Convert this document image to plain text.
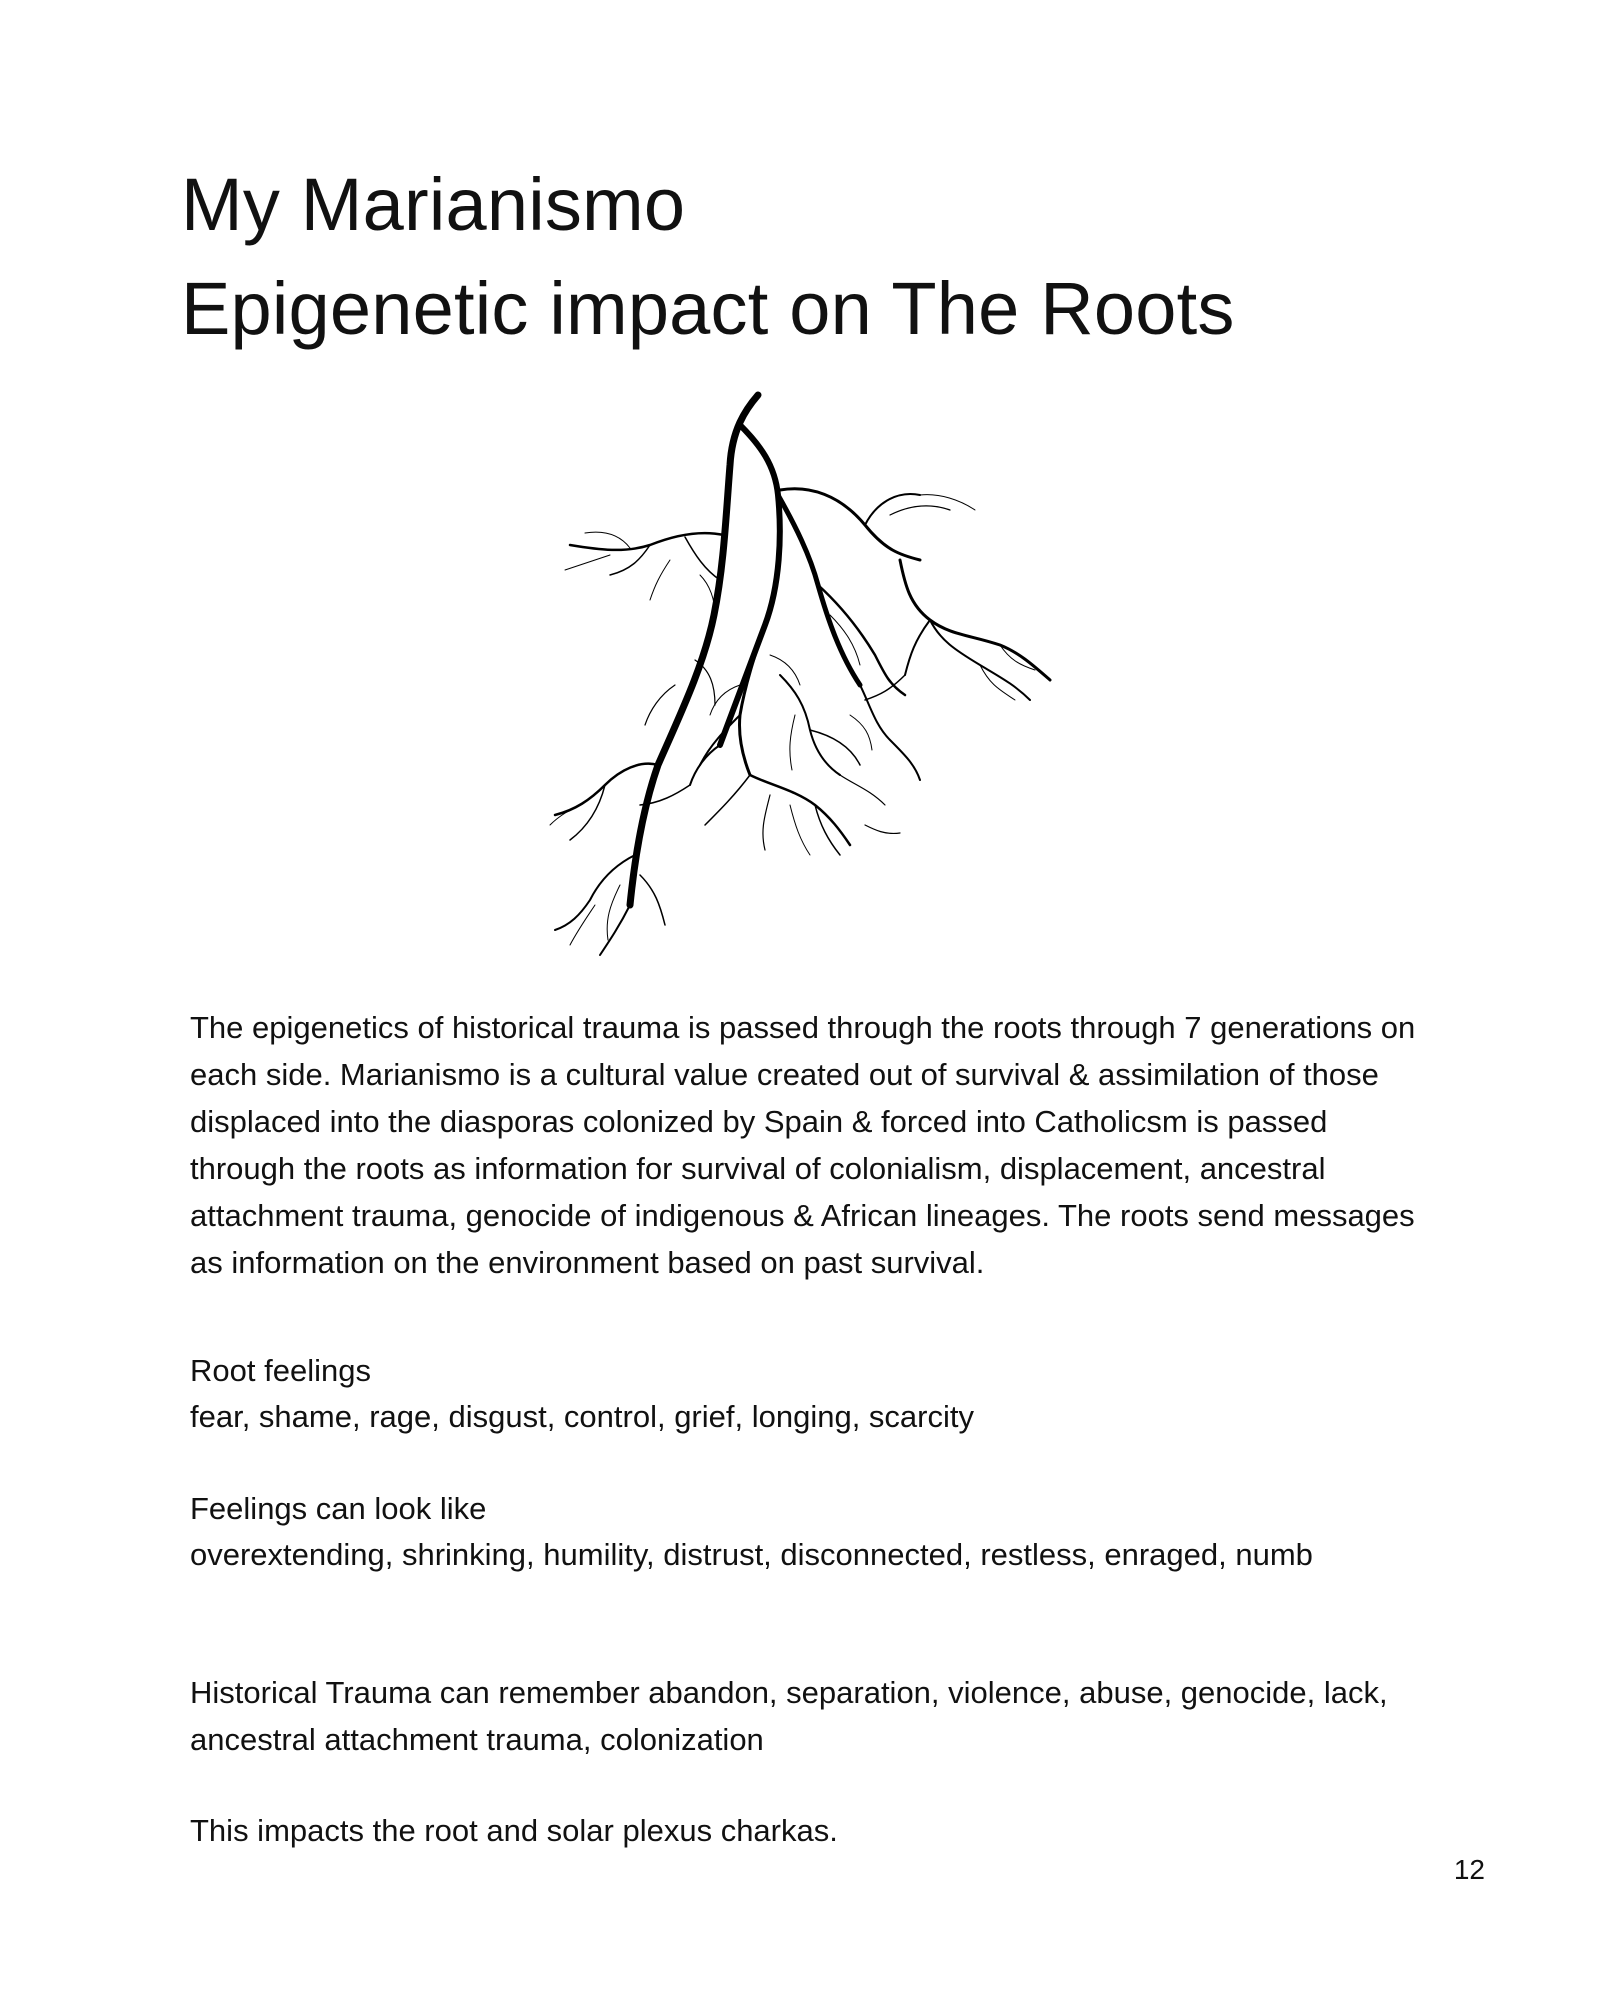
My Marianismo
Epigenetic impact on The Roots

The epigenetics of historical trauma is passed through the roots through 7 generations on each side. Marianismo is a cultural value created out of survival & assimilation of those displaced into the diasporas colonized by Spain & forced into Catholicsm is passed through the roots as information for survival of colonialism, displacement, ancestral attachment trauma, genocide of indigenous & African lineages. The roots send messages as information on the environment based on past survival.

Root feelings

fear, shame, rage, disgust, control, grief, longing, scarcity

Feelings can look like

overextending, shrinking, humility, distrust, disconnected, restless, enraged, numb

Historical Trauma can remember abandon, separation, violence, abuse, genocide, lack, ancestral attachment trauma, colonization

This impacts the root and solar plexus charkas.

12
